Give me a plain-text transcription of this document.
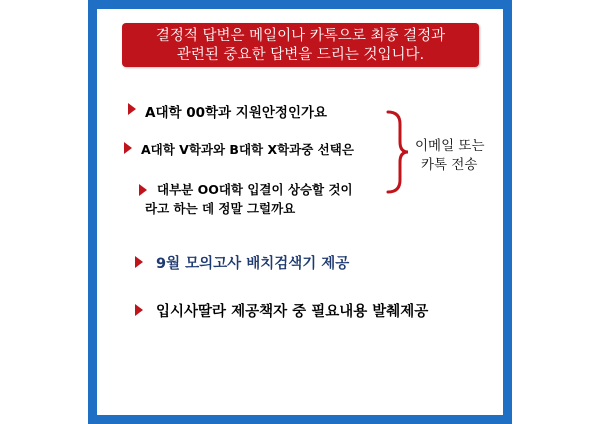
결정적 답변은 메일이나 카톡으로 최종 결정과
관련된 중요한 답변을 드리는 것입니다.
A대학 00학과 지원안정인가요
A대학 V학과와 B대학 X학과중 선택은
대부분 OO대학 입결이 상승할 것이
라고 하는 데 정말 그럴까요
이메일 또는
카톡 전송
9월 모의고사 배치검색기 제공
입시사딸라 제공책자 중 필요내용 발췌제공
